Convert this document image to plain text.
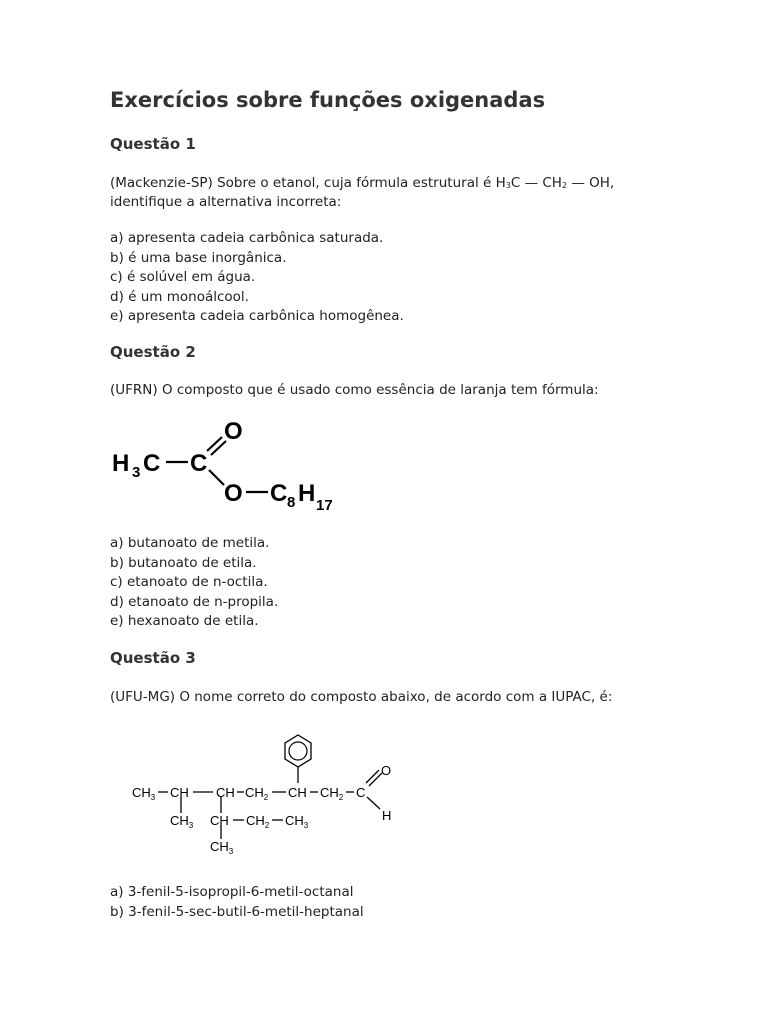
Exercícios sobre funções oxigenadas
Questão 1

(Mackenzie-SP) Sobre o etanol, cuja fórmula estrutural é $H_3C$ — $CH_2$ — OH,

identifique a alternativa incorreta:

a) apresenta cadeia carbônica saturada.
b) é uma base inorgânica.
c) é solúvel em água.
d) é um monoálcool.
e) apresenta cadeia carbônica homogênea.
Questão 2

(UFRN) O composto que é usado como essência de laranja tem fórmula:

H 3 C C
O
O C 8 H 17
a) butanoato de metila.
b) butanoato de etila.
c) etanoato de n-octila.
d) etanoato de n-propila.
e) hexanoato de etila.
Questão 3

(UFU-MG) O nome correto do composto abaixo, de acordo com a IUPAC, é:

$CH_3$ CH CH $CH_2$ CH $CH_2$ C
O
H
$CH_3$ CH $CH_2$ $CH_3$
$CH_3$
a) 3-fenil-5-isopropil-6-metil-octanal
b) 3-fenil-5-sec-butil-6-metil-heptanal
